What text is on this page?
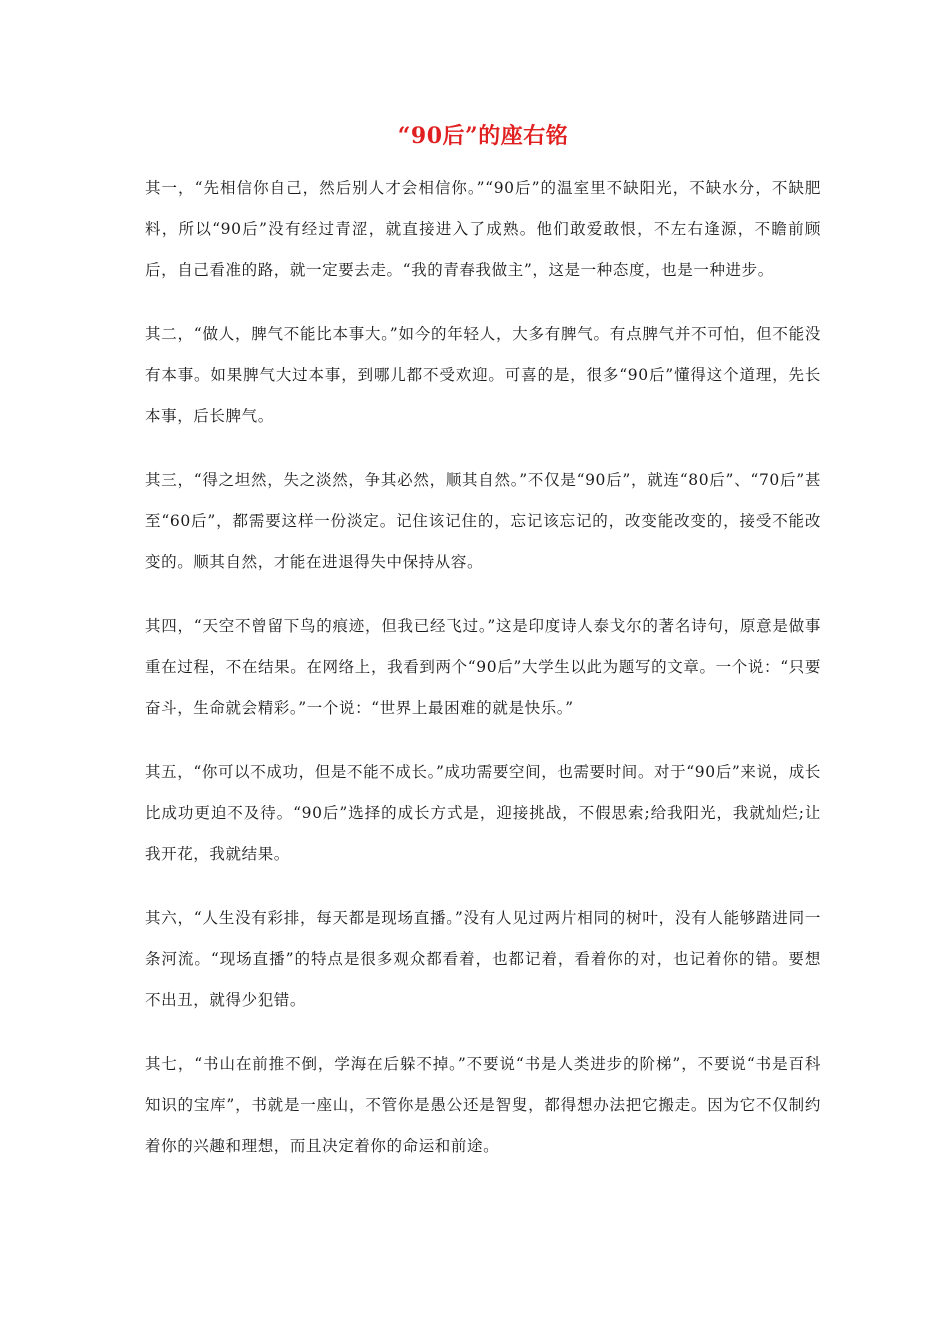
“90后”的座右铭

其一，“先相信你自己，然后别人才会相信你。”“90后”的温室里不缺阳光，不缺水分，不缺肥料，所以“90后”没有经过青涩，就直接进入了成熟。他们敢爱敢恨，不左右逢源，不瞻前顾后，自己看准的路，就一定要去走。“我的青春我做主”，这是一种态度，也是一种进步。

其二，“做人，脾气不能比本事大。”如今的年轻人，大多有脾气。有点脾气并不可怕，但不能没有本事。如果脾气大过本事，到哪儿都不受欢迎。可喜的是，很多“90后”懂得这个道理，先长本事，后长脾气。

其三，“得之坦然，失之淡然，争其必然，顺其自然。”不仅是“90后”，就连“80后”、“70后”甚至“60后”，都需要这样一份淡定。记住该记住的，忘记该忘记的，改变能改变的，接受不能改变的。顺其自然，才能在进退得失中保持从容。

其四，“天空不曾留下鸟的痕迹，但我已经飞过。”这是印度诗人泰戈尔的著名诗句，原意是做事重在过程，不在结果。在网络上，我看到两个“90后”大学生以此为题写的文章。一个说：“只要奋斗，生命就会精彩。”一个说：“世界上最困难的就是快乐。”

其五，“你可以不成功，但是不能不成长。”成功需要空间，也需要时间。对于“90后”来说，成长比成功更迫不及待。“90后”选择的成长方式是，迎接挑战，不假思索;给我阳光，我就灿烂;让我开花，我就结果。

其六，“人生没有彩排，每天都是现场直播。”没有人见过两片相同的树叶，没有人能够踏进同一条河流。“现场直播”的特点是很多观众都看着，也都记着，看着你的对，也记着你的错。要想不出丑，就得少犯错。

其七，“书山在前推不倒，学海在后躲不掉。”不要说“书是人类进步的阶梯”，不要说“书是百科知识的宝库”，书就是一座山，不管你是愚公还是智叟，都得想办法把它搬走。因为它不仅制约着你的兴趣和理想，而且决定着你的命运和前途。
